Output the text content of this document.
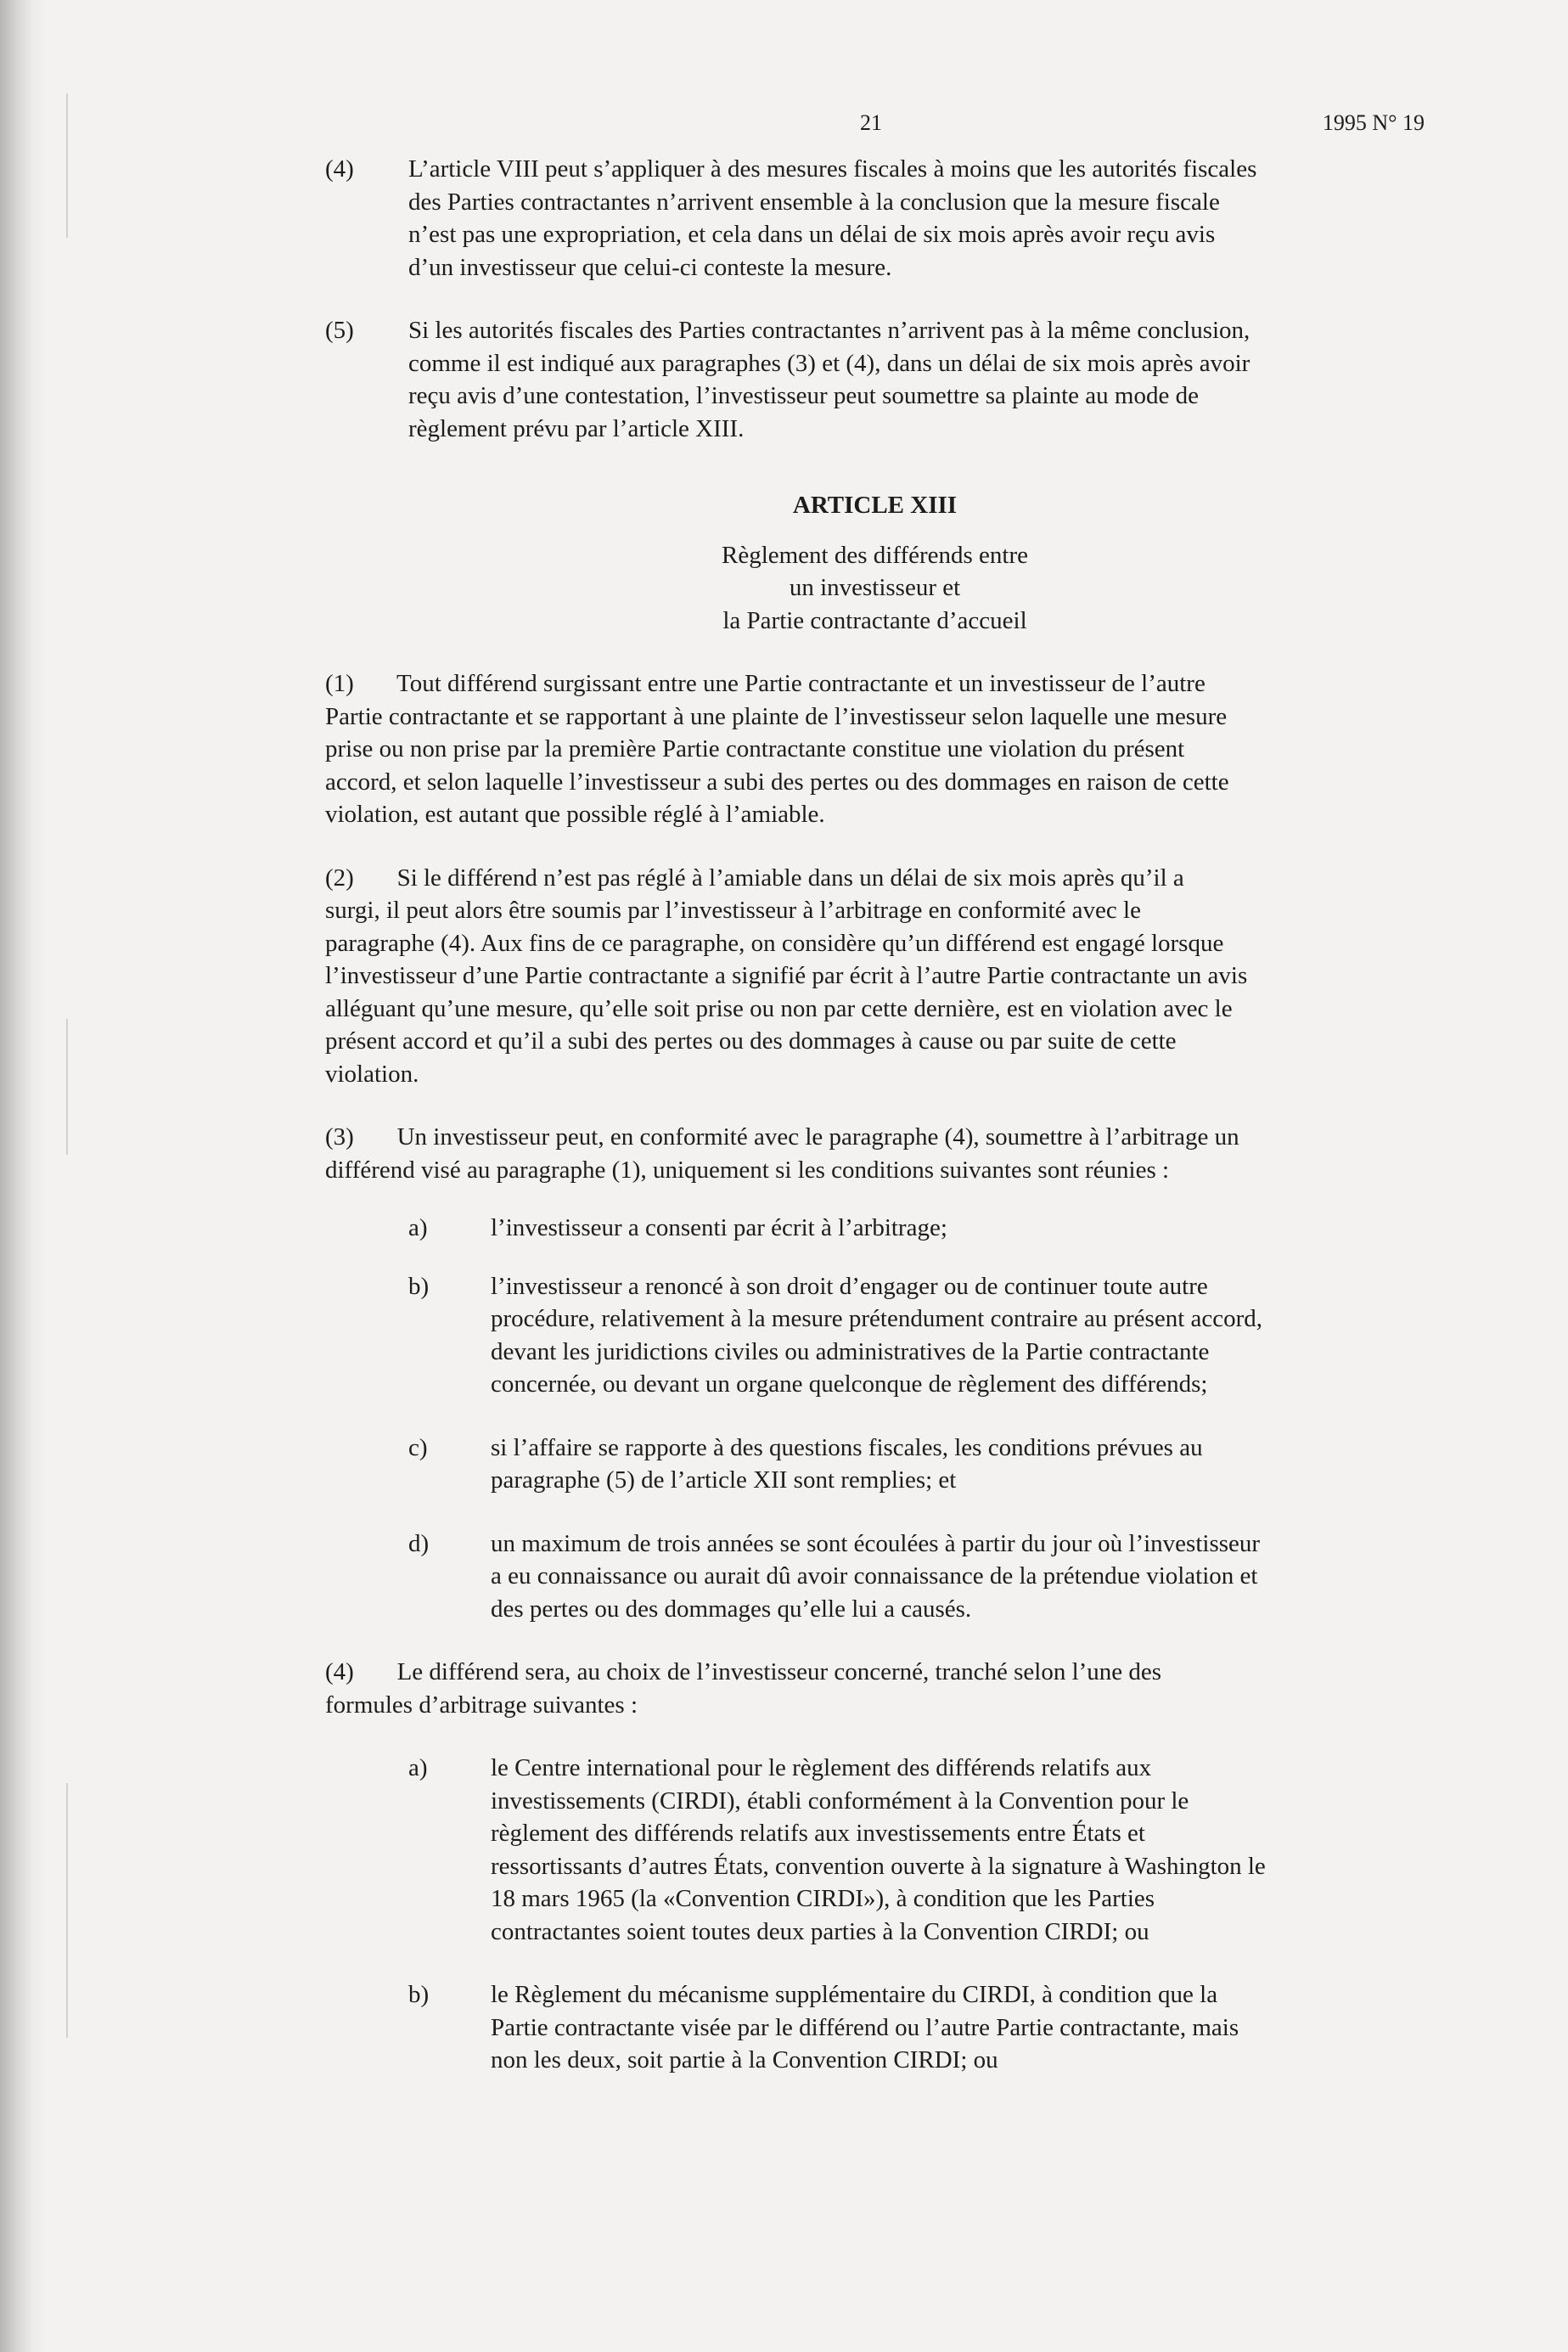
21	1995 N° 19
(4) L’article VIII peut s’appliquer à des mesures fiscales à moins que les autorités fiscales
des Parties contractantes n’arrivent ensemble à la conclusion que la mesure fiscale
n’est pas une expropriation, et cela dans un délai de six mois après avoir reçu avis
d’un investisseur que celui-ci conteste la mesure.
(5) Si les autorités fiscales des Parties contractantes n’arrivent pas à la même conclusion,
comme il est indiqué aux paragraphes (3) et (4), dans un délai de six mois après avoir
reçu avis d’une contestation, l’investisseur peut soumettre sa plainte au mode de
règlement prévu par l’article XIII.
ARTICLE XIII
Règlement des différends entre
un investisseur et
la Partie contractante d’accueil
(1)       Tout différend surgissant entre une Partie contractante et un investisseur de l’autre
Partie contractante et se rapportant à une plainte de l’investisseur selon laquelle une mesure
prise ou non prise par la première Partie contractante constitue une violation du présent
accord, et selon laquelle l’investisseur a subi des pertes ou des dommages en raison de cette
violation, est autant que possible réglé à l’amiable.
(2)       Si le différend n’est pas réglé à l’amiable dans un délai de six mois après qu’il a
surgi, il peut alors être soumis par l’investisseur à l’arbitrage en conformité avec le
paragraphe (4). Aux fins de ce paragraphe, on considère qu’un différend est engagé lorsque
l’investisseur d’une Partie contractante a signifié par écrit à l’autre Partie contractante un avis
alléguant qu’une mesure, qu’elle soit prise ou non par cette dernière, est en violation avec le
présent accord et qu’il a subi des pertes ou des dommages à cause ou par suite de cette
violation.
(3)       Un investisseur peut, en conformité avec le paragraphe (4), soumettre à l’arbitrage un
différend visé au paragraphe (1), uniquement si les conditions suivantes sont réunies :
a)	l’investisseur a consenti par écrit à l’arbitrage;
b)	l’investisseur a renoncé à son droit d’engager ou de continuer toute autre
procédure, relativement à la mesure prétendument contraire au présent accord,
devant les juridictions civiles ou administratives de la Partie contractante
concernée, ou devant un organe quelconque de règlement des différends;
c)	si l’affaire se rapporte à des questions fiscales, les conditions prévues au
paragraphe (5) de l’article XII sont remplies; et
d)	un maximum de trois années se sont écoulées à partir du jour où l’investisseur
a eu connaissance ou aurait dû avoir connaissance de la prétendue violation et
des pertes ou des dommages qu’elle lui a causés.
(4)       Le différend sera, au choix de l’investisseur concerné, tranché selon l’une des
formules d’arbitrage suivantes :
a)	le Centre international pour le règlement des différends relatifs aux
investissements (CIRDI), établi conformément à la Convention pour le
règlement des différends relatifs aux investissements entre États et
ressortissants d’autres États, convention ouverte à la signature à Washington le
18 mars 1965 (la «Convention CIRDI»), à condition que les Parties
contractantes soient toutes deux parties à la Convention CIRDI; ou
b)	le Règlement du mécanisme supplémentaire du CIRDI, à condition que la
Partie contractante visée par le différend ou l’autre Partie contractante, mais
non les deux, soit partie à la Convention CIRDI; ou
